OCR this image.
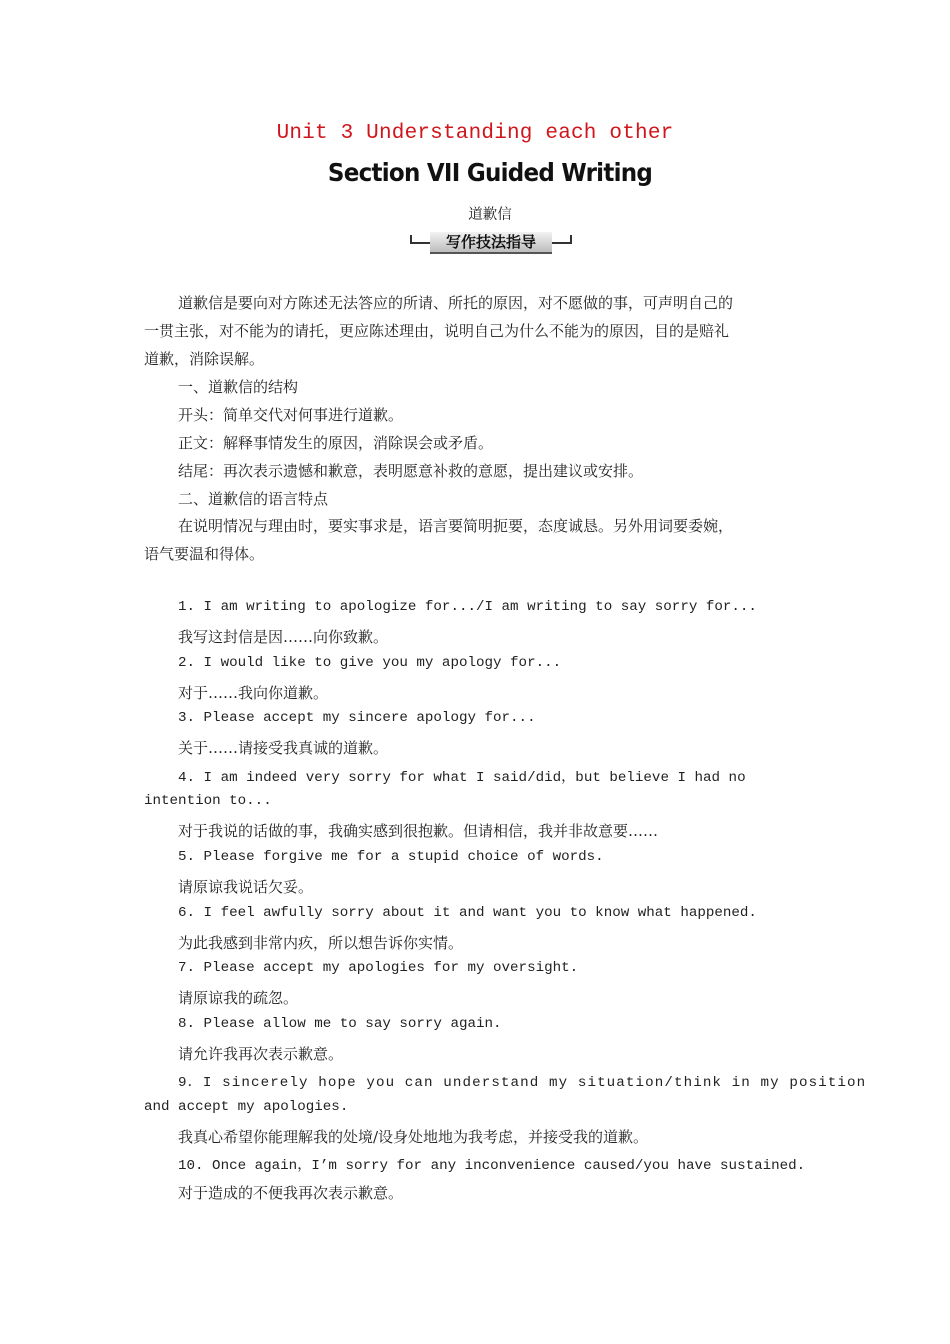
Unit 3 Understanding each other
Section VII Guided Writing
道歉信
写作技法指导
道歉信是要向对方陈述无法答应的所请、所托的原因，对不愿做的事，可声明自己的
一贯主张，对不能为的请托，更应陈述理由，说明自己为什么不能为的原因，目的是赔礼
道歉，消除误解。
一、道歉信的结构
开头：简单交代对何事进行道歉。
正文：解释事情发生的原因，消除误会或矛盾。
结尾：再次表示遗憾和歉意，表明愿意补救的意愿，提出建议或安排。
二、道歉信的语言特点
在说明情况与理由时，要实事求是，语言要简明扼要，态度诚恳。另外用词要委婉，
语气要温和得体。
1. I am writing to apologize for.../I am writing to say sorry for...
我写这封信是因……向你致歉。
2. I would like to give you my apology for...
对于……我向你道歉。
3. Please accept my sincere apology for...
关于……请接受我真诚的道歉。
4. I am indeed very sorry for what I said/did，but believe I had no
intention to...
对于我说的话做的事，我确实感到很抱歉。但请相信，我并非故意要……
5. Please forgive me for a stupid choice of words.
请原谅我说话欠妥。
6. I feel awfully sorry about it and want you to know what happened.
为此我感到非常内疚，所以想告诉你实情。
7. Please accept my apologies for my oversight.
请原谅我的疏忽。
8. Please allow me to say sorry again.
请允许我再次表示歉意。
9．I sincerely hope you can understand my situation/think in my position
and accept my apologies.
我真心希望你能理解我的处境/设身处地地为我考虑，并接受我的道歉。
10. Once again，I’m sorry for any inconvenience caused/you have sustained.
对于造成的不便我再次表示歉意。
